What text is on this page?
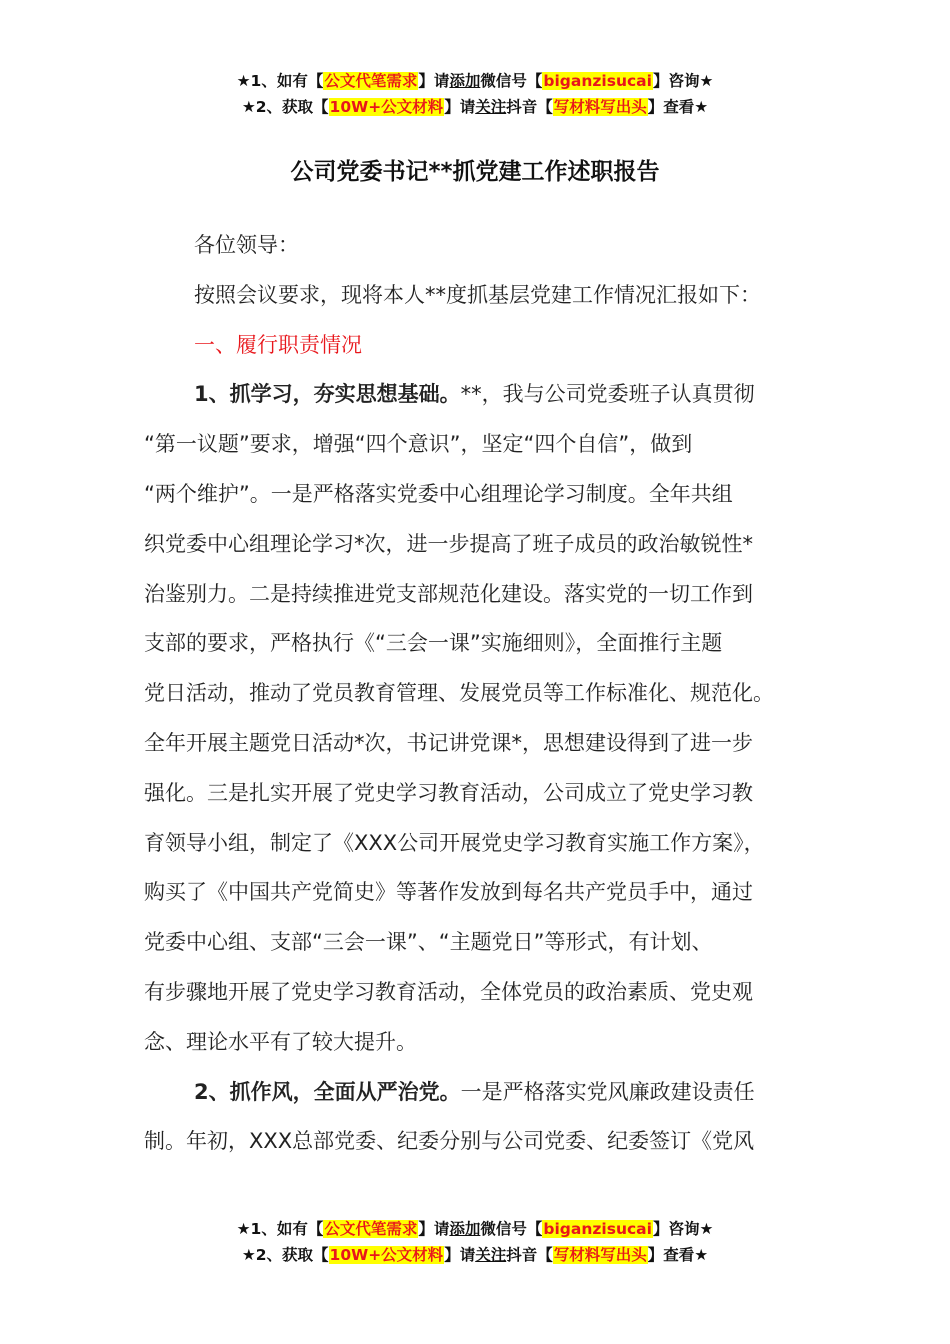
★1、如有【公文代笔需求】请添加微信号【biganzisucai】咨询★
★2、获取【10W+公文材料】请关注抖音【写材料写出头】查看★
公司党委书记**抓党建工作述职报告
各位领导：
按照会议要求，现将本人**度抓基层党建工作情况汇报如下：
一、履行职责情况
1、抓学习，夯实思想基础。**，我与公司党委班子认真贯彻
“第一议题”要求，增强“四个意识”，坚定“四个自信”，做到
“两个维护”。一是严格落实党委中心组理论学习制度。全年共组
织党委中心组理论学习*次，进一步提高了班子成员的政治敏锐性*
治鉴别力。二是持续推进党支部规范化建设。落实党的一切工作到
支部的要求，严格执行《“三会一课”实施细则》，全面推行主题
党日活动，推动了党员教育管理、发展党员等工作标准化、规范化。
全年开展主题党日活动*次，书记讲党课*，思想建设得到了进一步
强化。三是扎实开展了党史学习教育活动，公司成立了党史学习教
育领导小组，制定了《XXX公司开展党史学习教育实施工作方案》，
购买了《中国共产党简史》等著作发放到每名共产党员手中，通过
党委中心组、支部“三会一课”、“主题党日”等形式，有计划、
有步骤地开展了党史学习教育活动，全体党员的政治素质、党史观
念、理论水平有了较大提升。
2、抓作风，全面从严治党。一是严格落实党风廉政建设责任
制。年初，XXX总部党委、纪委分别与公司党委、纪委签订《党风
★1、如有【公文代笔需求】请添加微信号【biganzisucai】咨询★
★2、获取【10W+公文材料】请关注抖音【写材料写出头】查看★
